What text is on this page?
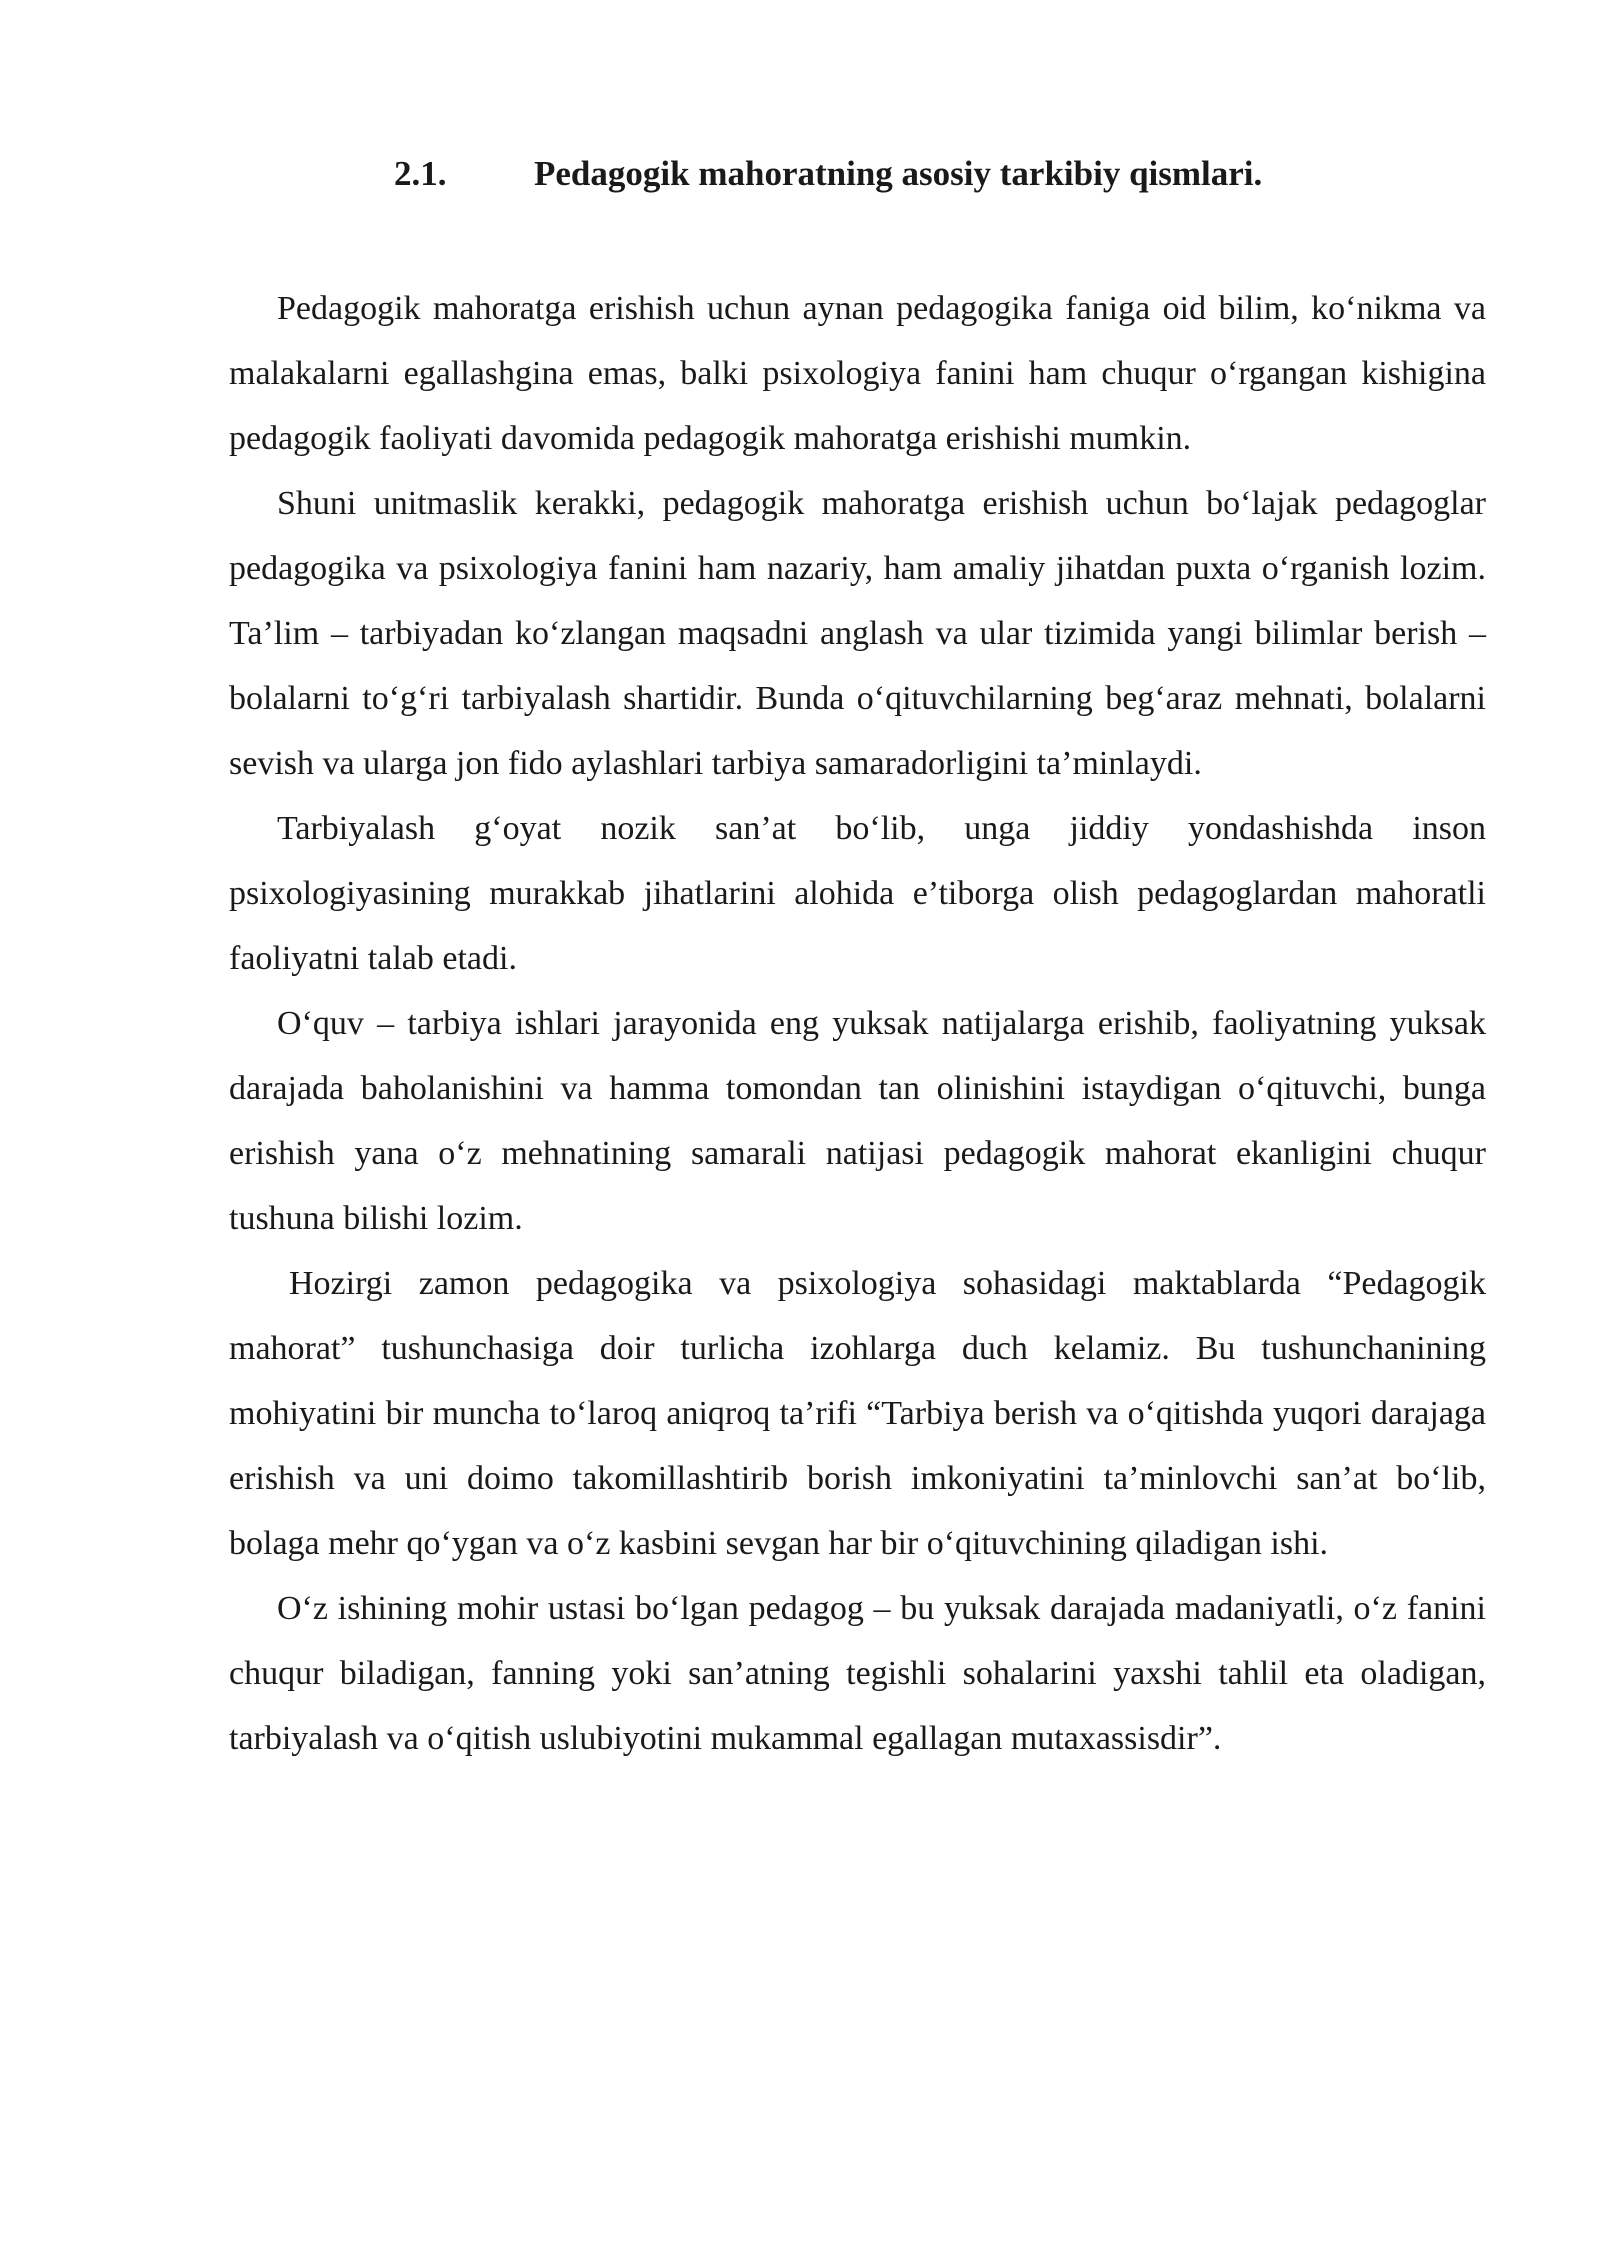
2.1.	Pedagogik mahoratning asosiy tarkibiy qismlari.

Pedagogik mahoratga erishish uchun aynan pedagogika faniga oid bilim, ko‘nikma va malakalarni egallashgina emas, balki psixologiya fanini ham chuqur o‘rgangan kishigina pedagogik faoliyati davomida pedagogik mahoratga erishishi mumkin.

Shuni unitmaslik kerakki, pedagogik mahoratga erishish uchun bo‘lajak pedagoglar pedagogika va psixologiya fanini ham nazariy, ham amaliy jihatdan puxta o‘rganish lozim. Ta’lim – tarbiyadan ko‘zlangan maqsadni anglash va ular tizimida yangi bilimlar berish – bolalarni to‘g‘ri tarbiyalash shartidir. Bunda o‘qituvchilarning beg‘araz mehnati, bolalarni sevish va ularga jon fido aylashlari tarbiya samaradorligini ta’minlaydi.

Tarbiyalash g‘oyat nozik san’at bo‘lib, unga jiddiy yondashishda inson psixologiyasining murakkab jihatlarini alohida e’tiborga olish pedagoglardan mahoratli faoliyatni talab etadi.

O‘quv – tarbiya ishlari jarayonida eng yuksak natijalarga erishib, faoliyatning yuksak darajada baholanishini va hamma tomondan tan olinishini istaydigan o‘qituvchi, bunga erishish yana o‘z mehnatining samarali natijasi pedagogik mahorat ekanligini chuqur tushuna bilishi lozim.

Hozirgi zamon pedagogika va psixologiya sohasidagi maktablarda “Pedagogik mahorat” tushunchasiga doir turlicha izohlarga duch kelamiz. Bu tushunchanining mohiyatini bir muncha to‘laroq aniqroq ta’rifi “Tarbiya berish va o‘qitishda yuqori darajaga erishish va uni doimo takomillashtirib borish imkoniyatini ta’minlovchi san’at bo‘lib, bolaga mehr qo‘ygan va o‘z kasbini sevgan har bir o‘qituvchining qiladigan ishi.

O‘z ishining mohir ustasi bo‘lgan pedagog – bu yuksak darajada madaniyatli, o‘z fanini chuqur biladigan, fanning yoki san’atning tegishli sohalarini yaxshi tahlil eta oladigan, tarbiyalash va o‘qitish uslubiyotini mukammal egallagan mutaxassisdir”.
